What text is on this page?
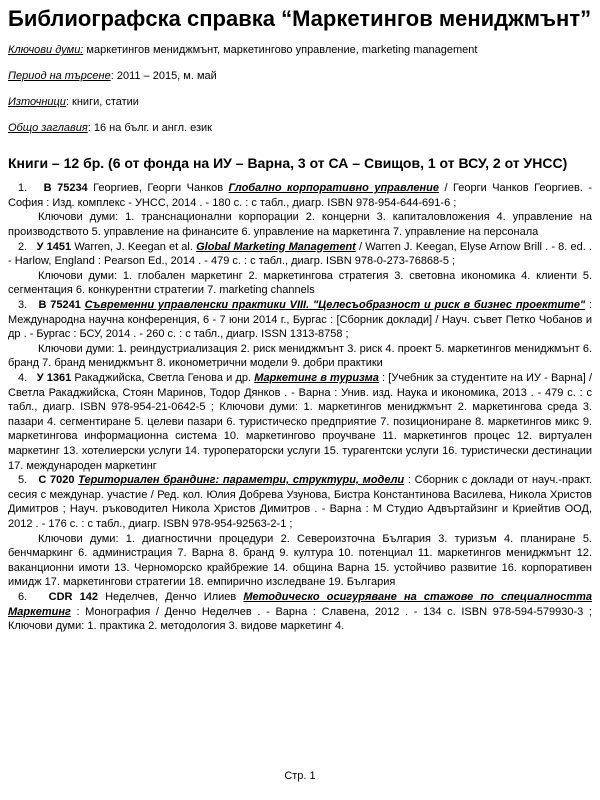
Библиографска справка “Маркетингов мениджмънт”

Ключови думи: маркетингов мениджмънт, маркетингово управление, marketing management

Период на търсене: 2011 – 2015, м. май

Източници: книги, статии

Общо заглавия: 16 на бълг. и англ. език

Книги – 12 бр. (6 от фонда на ИУ – Варна, 3 от СА – Свищов, 1 от ВСУ, 2 от УНСС)

1. В 75234 Георгиев, Георги Чанков Глобално корпоративно управление / Георги Чанков Георгиев. - София : Изд. комплекс - УНСС, 2014 . - 180 с. : с табл., диагр. ISBN 978-954-644-691-6 ;

Ключови думи: 1. транснационални корпорации 2. концерни 3. капиталовложения 4. управление на производството 5. управление на финансите 6. управление на маркетинга 7. управление на персонала

2. У 1451 Warren, J. Keegan et al. Global Marketing Management / Warren J. Keegan, Elyse Arnow Brill . - 8. ed. . - Harlow, England : Pearson Ed., 2014 . - 479 с. : с табл., диагр. ISBN 978-0-273-76868-5 ;

Ключови думи: 1. глобален маркетинг 2. маркетингова стратегия 3. световна икономика 4. клиенти 5. сегментация 6. конкурентни стратегии 7. marketing channels

3. В 75241 Съвременни управленски практики VIII. "Целесъобразност и риск в бизнес проектите" : Международна научна конференция, 6 - 7 юни 2014 г., Бургас : [Сборник доклади] / Науч. съвет Петко Чобанов и др . - Бургас : БСУ, 2014 . - 260 с. : с табл., диагр. ISSN 1313-8758 ;

Ключови думи: 1. реиндустриализация 2. риск мениджмънт 3. риск 4. проект 5. маркетингов мениджмънт 6. бранд 7. бранд мениджмънт 8. иконометрични модели 9. добри практики

4. У 1361 Ракаджийска, Светла Генова и др. Маркетинг в туризма : [Учебник за студентите на ИУ - Варна] / Светла Ракаджийска, Стоян Маринов, Тодор Дянков . - Варна : Унив. изд. Наука и икономика, 2013 . - 479 с. : с табл., диагр. ISBN 978-954-21-0642-5 ; Ключови думи: 1. маркетингов мениджмънт 2. маркетингова среда 3. пазари 4. сегментиране 5. целеви пазари 6. туристическо предприятие 7. позициониране 8. маркетингов микс 9. маркетингова информационна система 10. маркетингово проучване 11. маркетингов процес 12. виртуален маркетинг 13. хотелиерски услуги 14. туроператорски услуги 15. турагентски услуги 16. туристически дестинации 17. международен маркетинг

5. С 7020 Териториален брандинг: параметри, структури, модели : Сборник с доклади от науч.-практ. сесия с междунар. участие / Ред. кол. Юлия Добрева Узунова, Бистра Константинова Василева, Никола Христов Димитров ; Науч. ръководител Никола Христов Димитров . - Варна : М Студио Адвъртайзинг и Криейтив ООД, 2012 . - 176 с. : с табл., диагр. ISBN 978-954-92563-2-1 ;

Ключови думи: 1. диагностични процедури 2. Североизточна България 3. туризъм 4. планиране 5. бенчмаркинг 6. администрация 7. Варна 8. бранд 9. култура 10. потенциал 11. маркетингов мениджмънт 12. ваканционни имоти 13. Черноморско крайбрежие 14. община Варна 15. устойчиво развитие 16. корпоративен имидж 17. маркетингови стратегии 18. емпирично изследване 19. България

6. CDR 142 Неделчев, Денчо Илиев Методическо осигуряване на стажове по специалността Маркетинг : Монография / Денчо Неделчев . - Варна : Славена, 2012 . - 134 с. ISBN 978-594-579930-3 ; Ключови думи: 1. практика 2. методология 3. видове маркетинг 4.

Стр. 1
